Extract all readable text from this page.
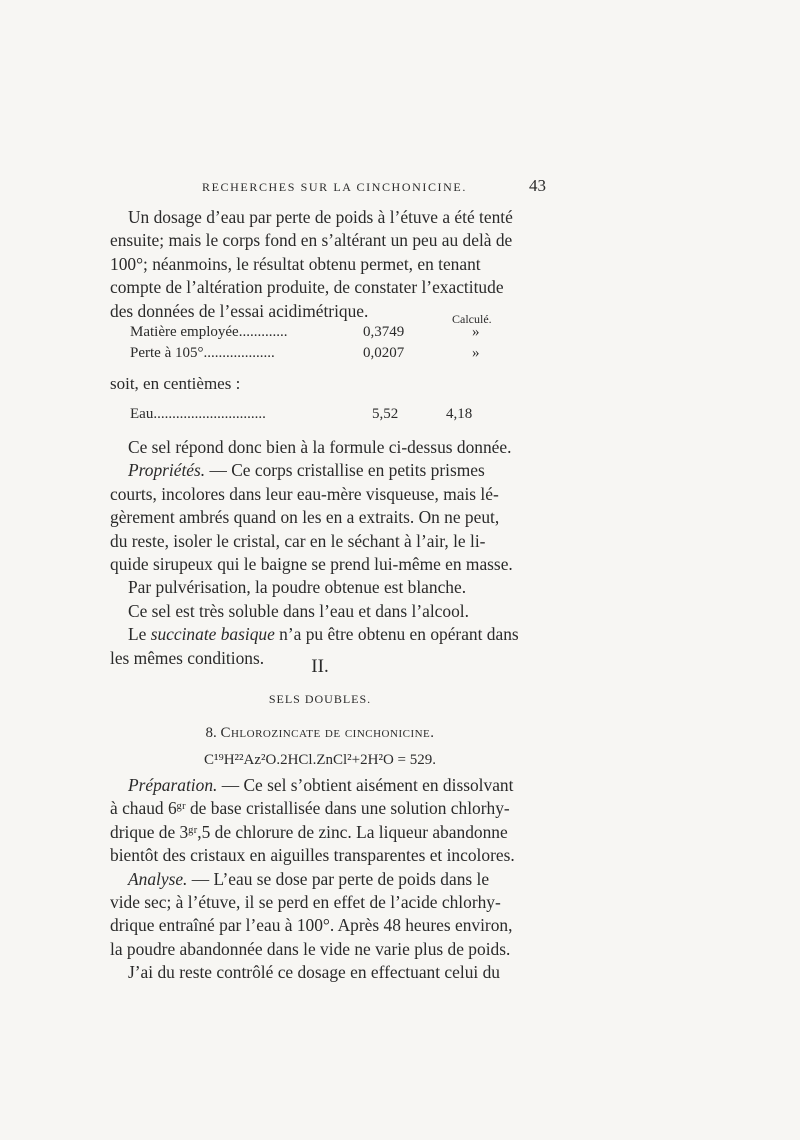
RECHERCHES SUR LA CINCHONICINE.	43
Un dosage d’eau par perte de poids à l’étuve a été tenté
ensuite; mais le corps fond en s’altérant un peu au delà de
100°; néanmoins, le résultat obtenu permet, en tenant
compte de l’altération produite, de constater l’exactitude
des données de l’essai acidimétrique.	Calculé.
Matière employée.............	0,3749	»
Perte à 105°...................	0,0207	»
soit, en centièmes :
Eau..............................	5,52	4,18
Ce sel répond donc bien à la formule ci-dessus donnée.
Propriétés. — Ce corps cristallise en petits prismes
courts, incolores dans leur eau-mère visqueuse, mais lé-
gèrement ambrés quand on les en a extraits. On ne peut,
du reste, isoler le cristal, car en le séchant à l’air, le li-
quide sirupeux qui le baigne se prend lui-même en masse.
Par pulvérisation, la poudre obtenue est blanche.
Ce sel est très soluble dans l’eau et dans l’alcool.
Le succinate basique n’a pu être obtenu en opérant dans
les mêmes conditions.	II.
SELS DOUBLES.
8. Chlorozincate de cinchonicine.
C¹⁹H²²Az²O.2HCl.ZnCl²+2H²O = 529.
Préparation. — Ce sel s’obtient aisément en dissolvant
à chaud 6ᵍʳ de base cristallisée dans une solution chlorhy-
drique de 3ᵍʳ,5 de chlorure de zinc. La liqueur abandonne
bientôt des cristaux en aiguilles transparentes et incolores.
Analyse. — L’eau se dose par perte de poids dans le
vide sec; à l’étuve, il se perd en effet de l’acide chlorhy-
drique entraîné par l’eau à 100°. Après 48 heures environ,
la poudre abandonnée dans le vide ne varie plus de poids.
J’ai du reste contrôlé ce dosage en effectuant celui du
